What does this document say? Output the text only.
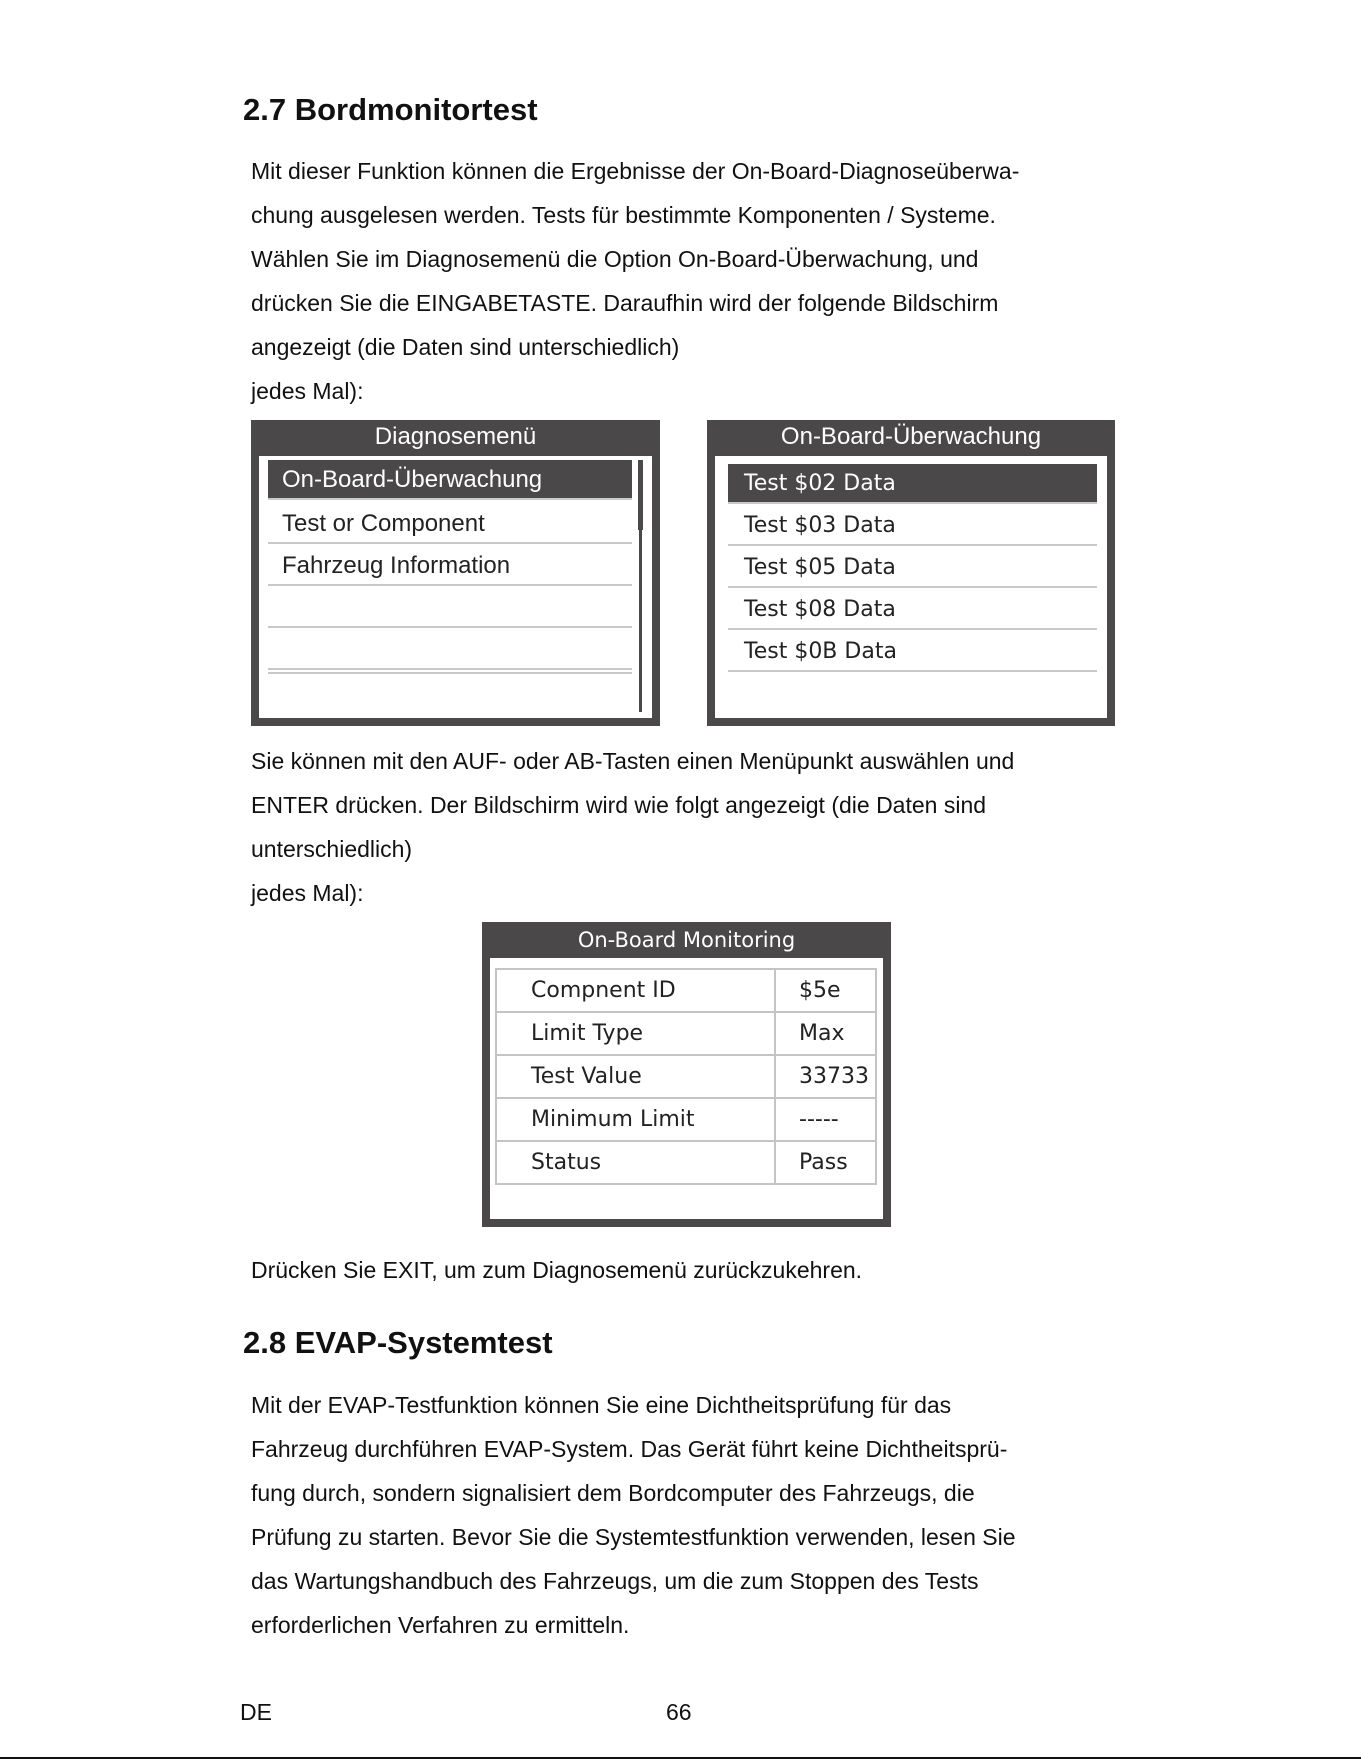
2.7 Bordmonitortest
Mit dieser Funktion können die Ergebnisse der On-Board-Diagnoseüberwa-
chung ausgelesen werden. Tests für bestimmte Komponenten / Systeme.
Wählen Sie im Diagnosemenü die Option On-Board-Überwachung, und
drücken Sie die EINGABETASTE. Daraufhin wird der folgende Bildschirm
angezeigt (die Daten sind unterschiedlich)
jedes Mal):
Diagnosemenü
On-Board-Überwachung
Test or Component
Fahrzeug Information
On-Board-Überwachung
Test $02 Data
Test $03 Data
Test $05 Data
Test $08 Data
Test $0B Data
Sie können mit den AUF- oder AB-Tasten einen Menüpunkt auswählen und
ENTER drücken. Der Bildschirm wird wie folgt angezeigt (die Daten sind
unterschiedlich)
jedes Mal):
On-Board Monitoring
Compnent ID	$5e
Limit Type	Max
Test Value	33733
Minimum Limit	-----
Status	Pass
Drücken Sie EXIT, um zum Diagnosemenü zurückzukehren.
2.8 EVAP-Systemtest
Mit der EVAP-Testfunktion können Sie eine Dichtheitsprüfung für das
Fahrzeug durchführen EVAP-System. Das Gerät führt keine Dichtheitsprü-
fung durch, sondern signalisiert dem Bordcomputer des Fahrzeugs, die
Prüfung zu starten. Bevor Sie die Systemtestfunktion verwenden, lesen Sie
das Wartungshandbuch des Fahrzeugs, um die zum Stoppen des Tests
erforderlichen Verfahren zu ermitteln.
DE	66
